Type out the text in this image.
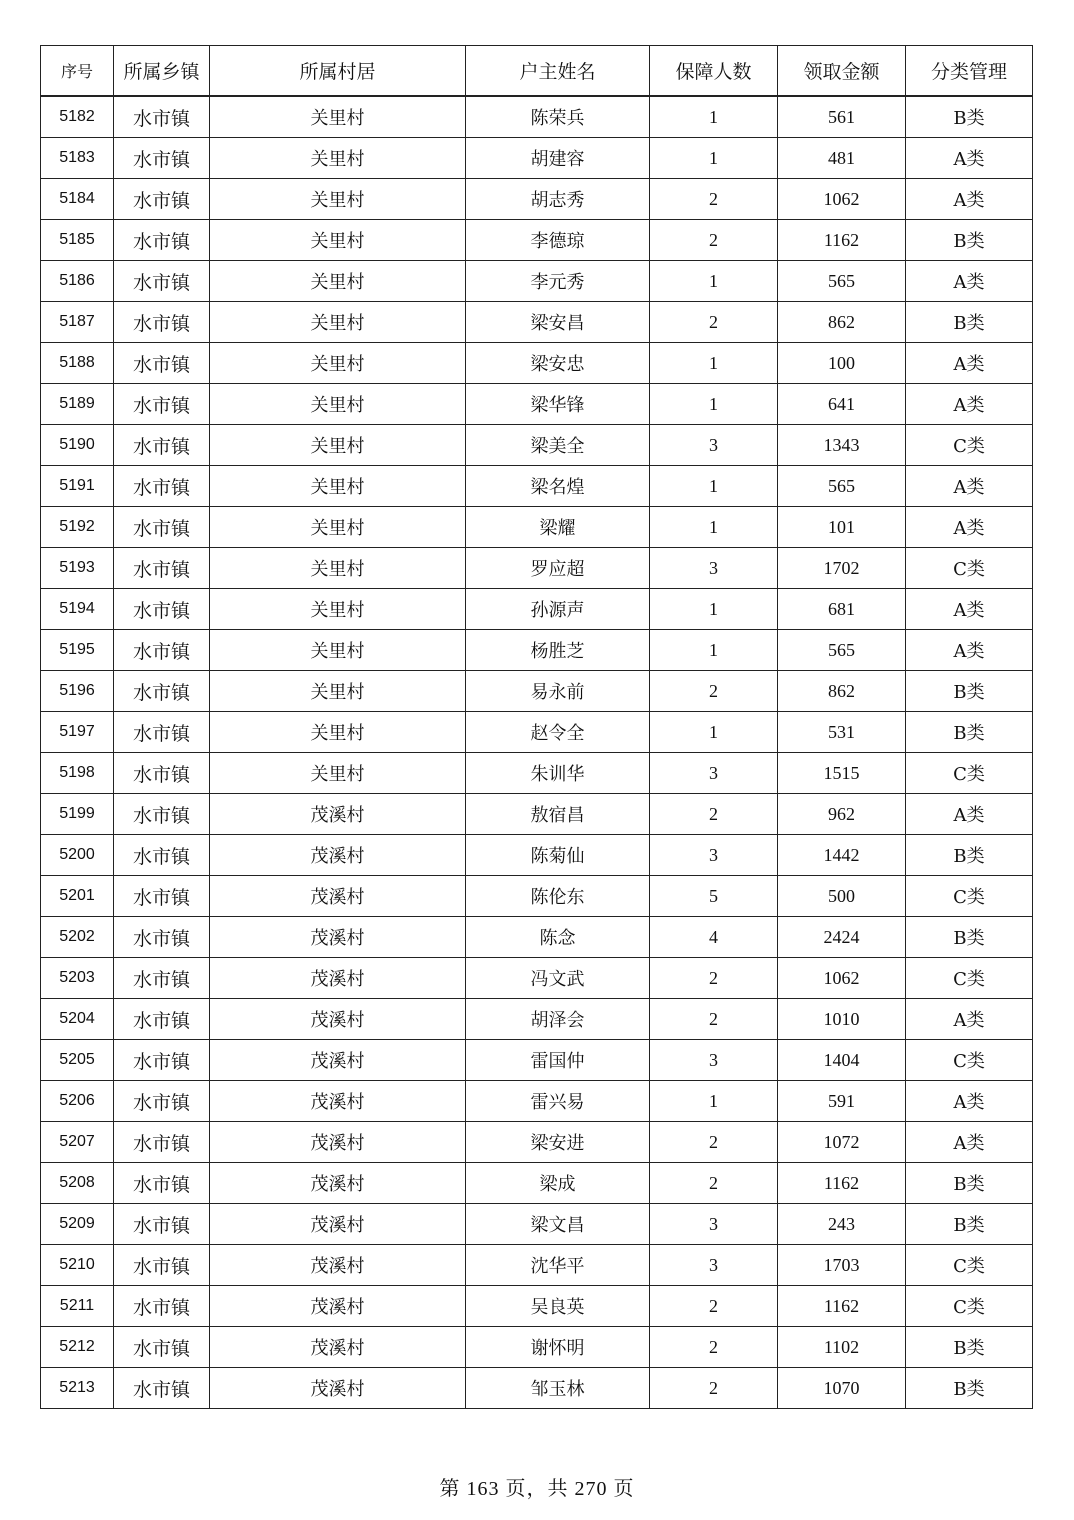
序号	所属乡镇	所属村居	户主姓名	保障人数	领取金额	分类管理
5182	水市镇	关里村	陈荣兵	1	561	B类
5183	水市镇	关里村	胡建容	1	481	A类
5184	水市镇	关里村	胡志秀	2	1062	A类
5185	水市镇	关里村	李德琼	2	1162	B类
5186	水市镇	关里村	李元秀	1	565	A类
5187	水市镇	关里村	梁安昌	2	862	B类
5188	水市镇	关里村	梁安忠	1	100	A类
5189	水市镇	关里村	梁华锋	1	641	A类
5190	水市镇	关里村	梁美全	3	1343	C类
5191	水市镇	关里村	梁名煌	1	565	A类
5192	水市镇	关里村	梁耀	1	101	A类
5193	水市镇	关里村	罗应超	3	1702	C类
5194	水市镇	关里村	孙源声	1	681	A类
5195	水市镇	关里村	杨胜芝	1	565	A类
5196	水市镇	关里村	易永前	2	862	B类
5197	水市镇	关里村	赵令全	1	531	B类
5198	水市镇	关里村	朱训华	3	1515	C类
5199	水市镇	茂溪村	敖宿昌	2	962	A类
5200	水市镇	茂溪村	陈菊仙	3	1442	B类
5201	水市镇	茂溪村	陈伦东	5	500	C类
5202	水市镇	茂溪村	陈念	4	2424	B类
5203	水市镇	茂溪村	冯文武	2	1062	C类
5204	水市镇	茂溪村	胡泽会	2	1010	A类
5205	水市镇	茂溪村	雷国仲	3	1404	C类
5206	水市镇	茂溪村	雷兴易	1	591	A类
5207	水市镇	茂溪村	梁安进	2	1072	A类
5208	水市镇	茂溪村	梁成	2	1162	B类
5209	水市镇	茂溪村	梁文昌	3	243	B类
5210	水市镇	茂溪村	沈华平	3	1703	C类
5211	水市镇	茂溪村	吴良英	2	1162	C类
5212	水市镇	茂溪村	谢怀明	2	1102	B类
5213	水市镇	茂溪村	邹玉林	2	1070	B类
第 163 页，共 270 页
